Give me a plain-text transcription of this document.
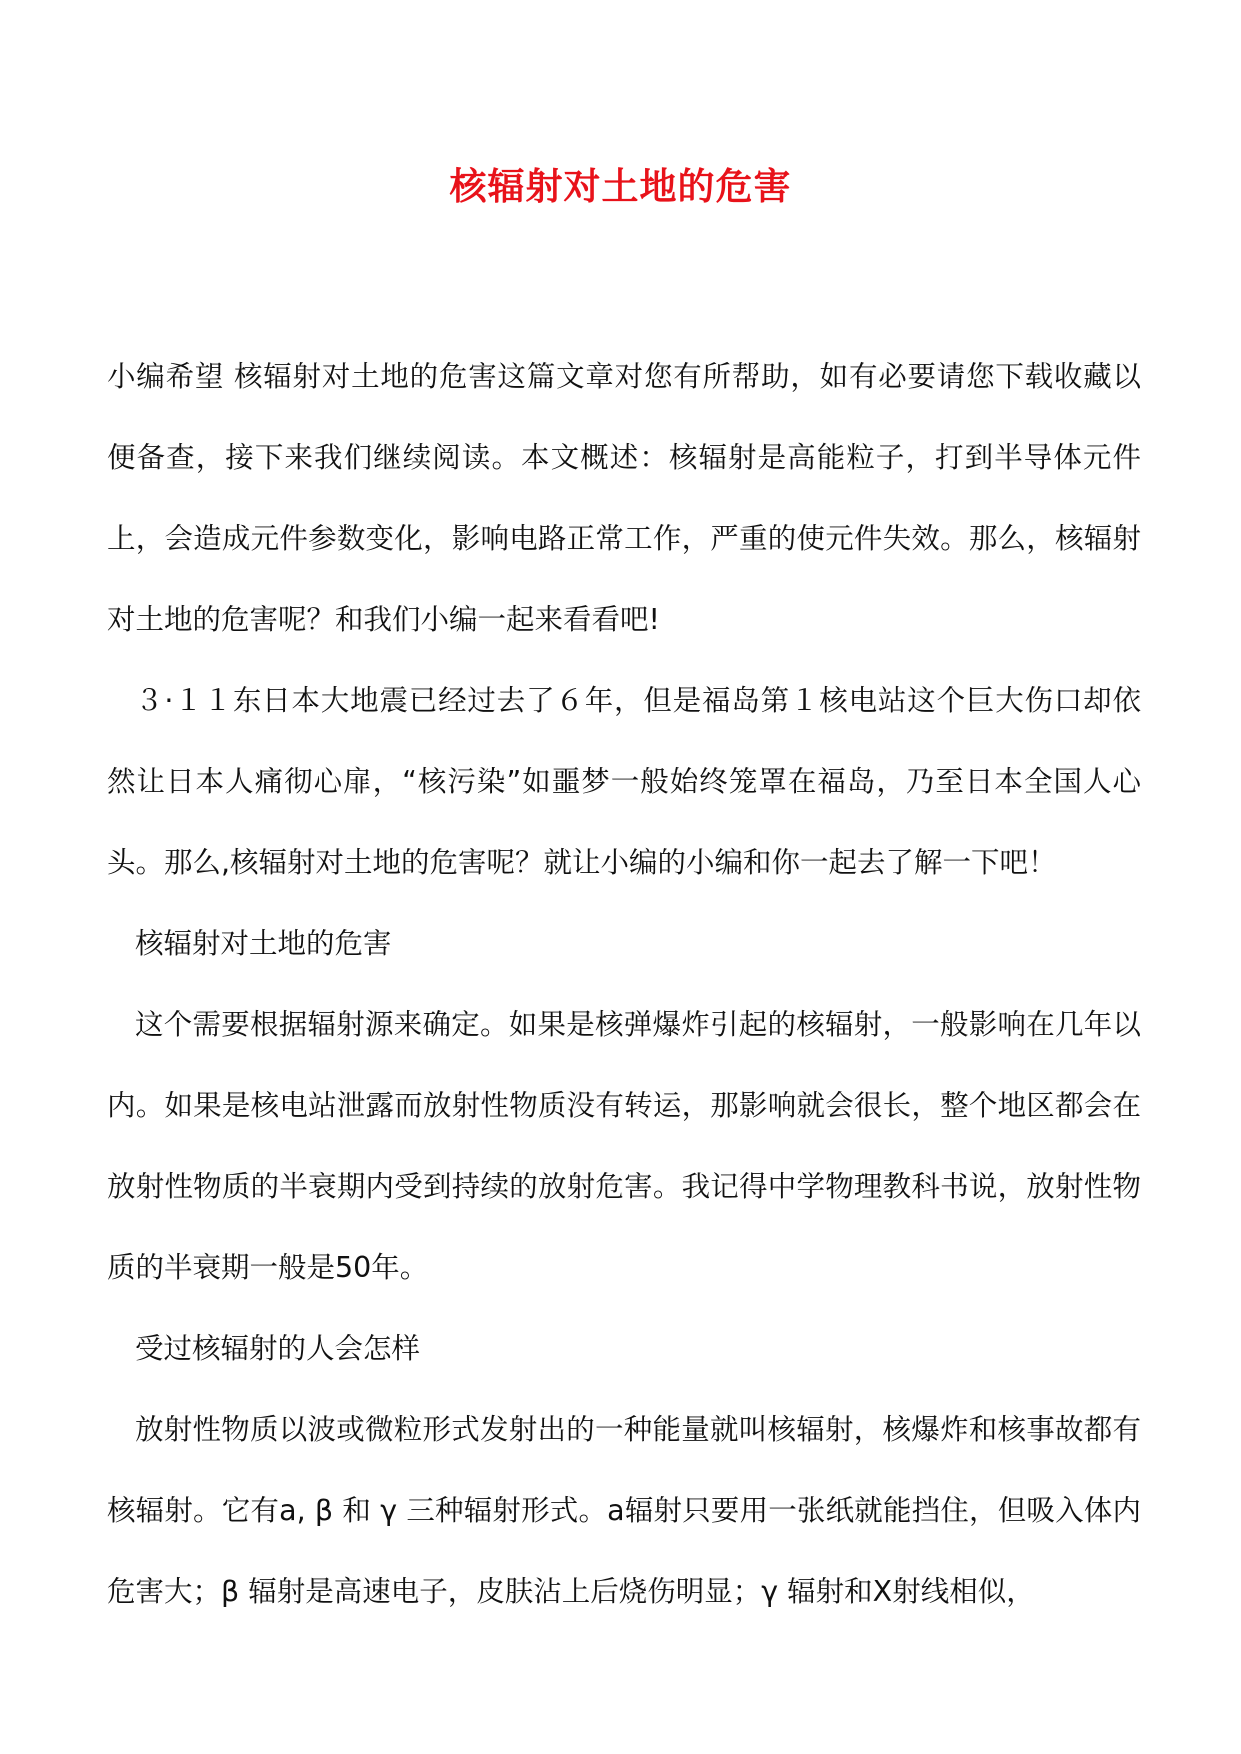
核辐射对土地的危害

小编希望 核辐射对土地的危害这篇文章对您有所帮助，如有必要请您下载收藏以便备查，接下来我们继续阅读。本文概述：核辐射是高能粒子，打到半导体元件上，会造成元件参数变化，影响电路正常工作，严重的使元件失效。那么，核辐射对土地的危害呢？和我们小编一起来看看吧!

３·１１东日本大地震已经过去了６年，但是福岛第１核电站这个巨大伤口却依然让日本人痛彻心扉，“核污染”如噩梦一般始终笼罩在福岛，乃至日本全国人心头。那么,核辐射对土地的危害呢？就让小编的小编和你一起去了解一下吧！

核辐射对土地的危害

这个需要根据辐射源来确定。如果是核弹爆炸引起的核辐射，一般影响在几年以内。如果是核电站泄露而放射性物质没有转运，那影响就会很长，整个地区都会在放射性物质的半衰期内受到持续的放射危害。我记得中学物理教科书说，放射性物质的半衰期一般是50年。

受过核辐射的人会怎样

放射性物质以波或微粒形式发射出的一种能量就叫核辐射，核爆炸和核事故都有核辐射。它有a, β 和 γ 三种辐射形式。a辐射只要用一张纸就能挡住，但吸入体内危害大；β 辐射是高速电子，皮肤沾上后烧伤明显；γ 辐射和X射线相似，
